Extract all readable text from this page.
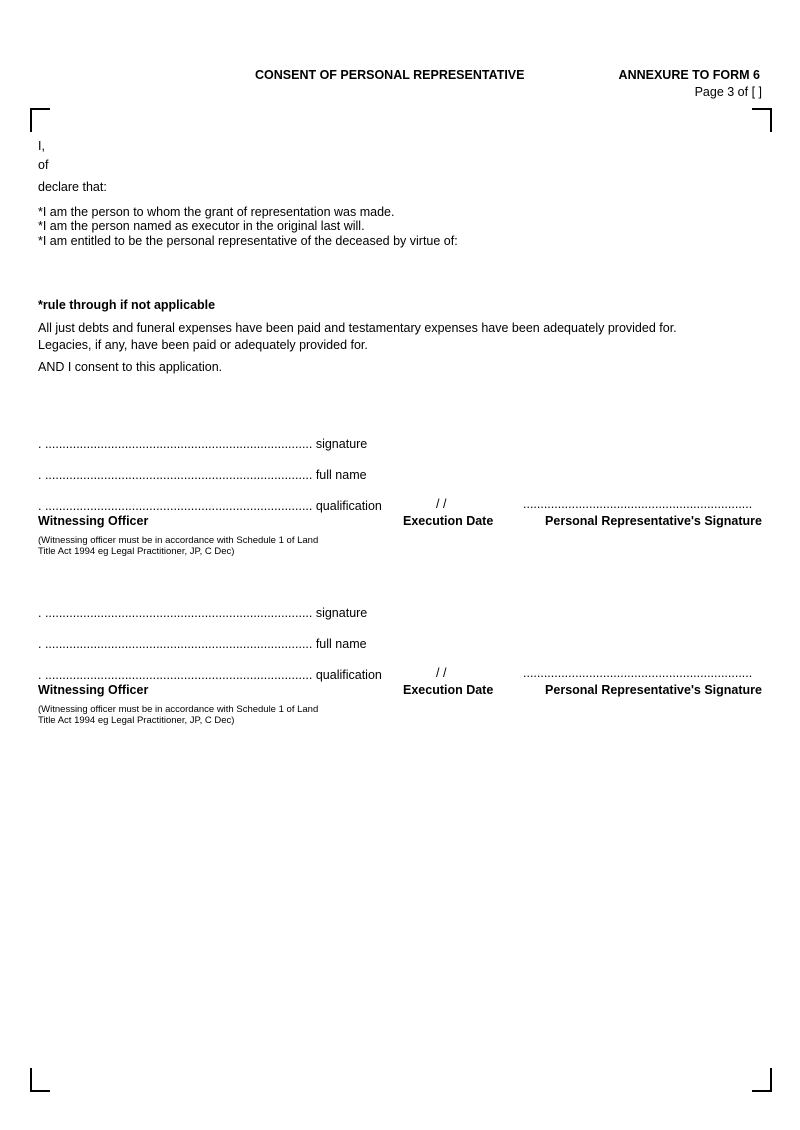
CONSENT OF PERSONAL REPRESENTATIVE	ANNEXURE TO FORM 6
Page 3 of [ ]
I,
of
declare that:
*I am the person to whom the grant of representation was made.
*I am the person named as executor in the original last will.
*I am entitled to be the personal representative of the deceased by virtue of:
*rule through if not applicable
All just debts and funeral expenses have been paid and testamentary expenses have been adequately provided for.
Legacies, if any, have been paid or adequately provided for.
AND I consent to this application.
. ............................................................................. signature
. ............................................................................. full name
. ............................................................................. qualification	/ /	..................................................................
Witnessing Officer	Execution Date	Personal Representative's Signature
(Witnessing officer must be in accordance with Schedule 1 of Land Title Act 1994 eg Legal Practitioner, JP, C Dec)
. ............................................................................. signature
. ............................................................................. full name
. ............................................................................. qualification	/ /	..................................................................
Witnessing Officer	Execution Date	Personal Representative's Signature
(Witnessing officer must be in accordance with Schedule 1 of Land Title Act 1994 eg Legal Practitioner, JP, C Dec)
